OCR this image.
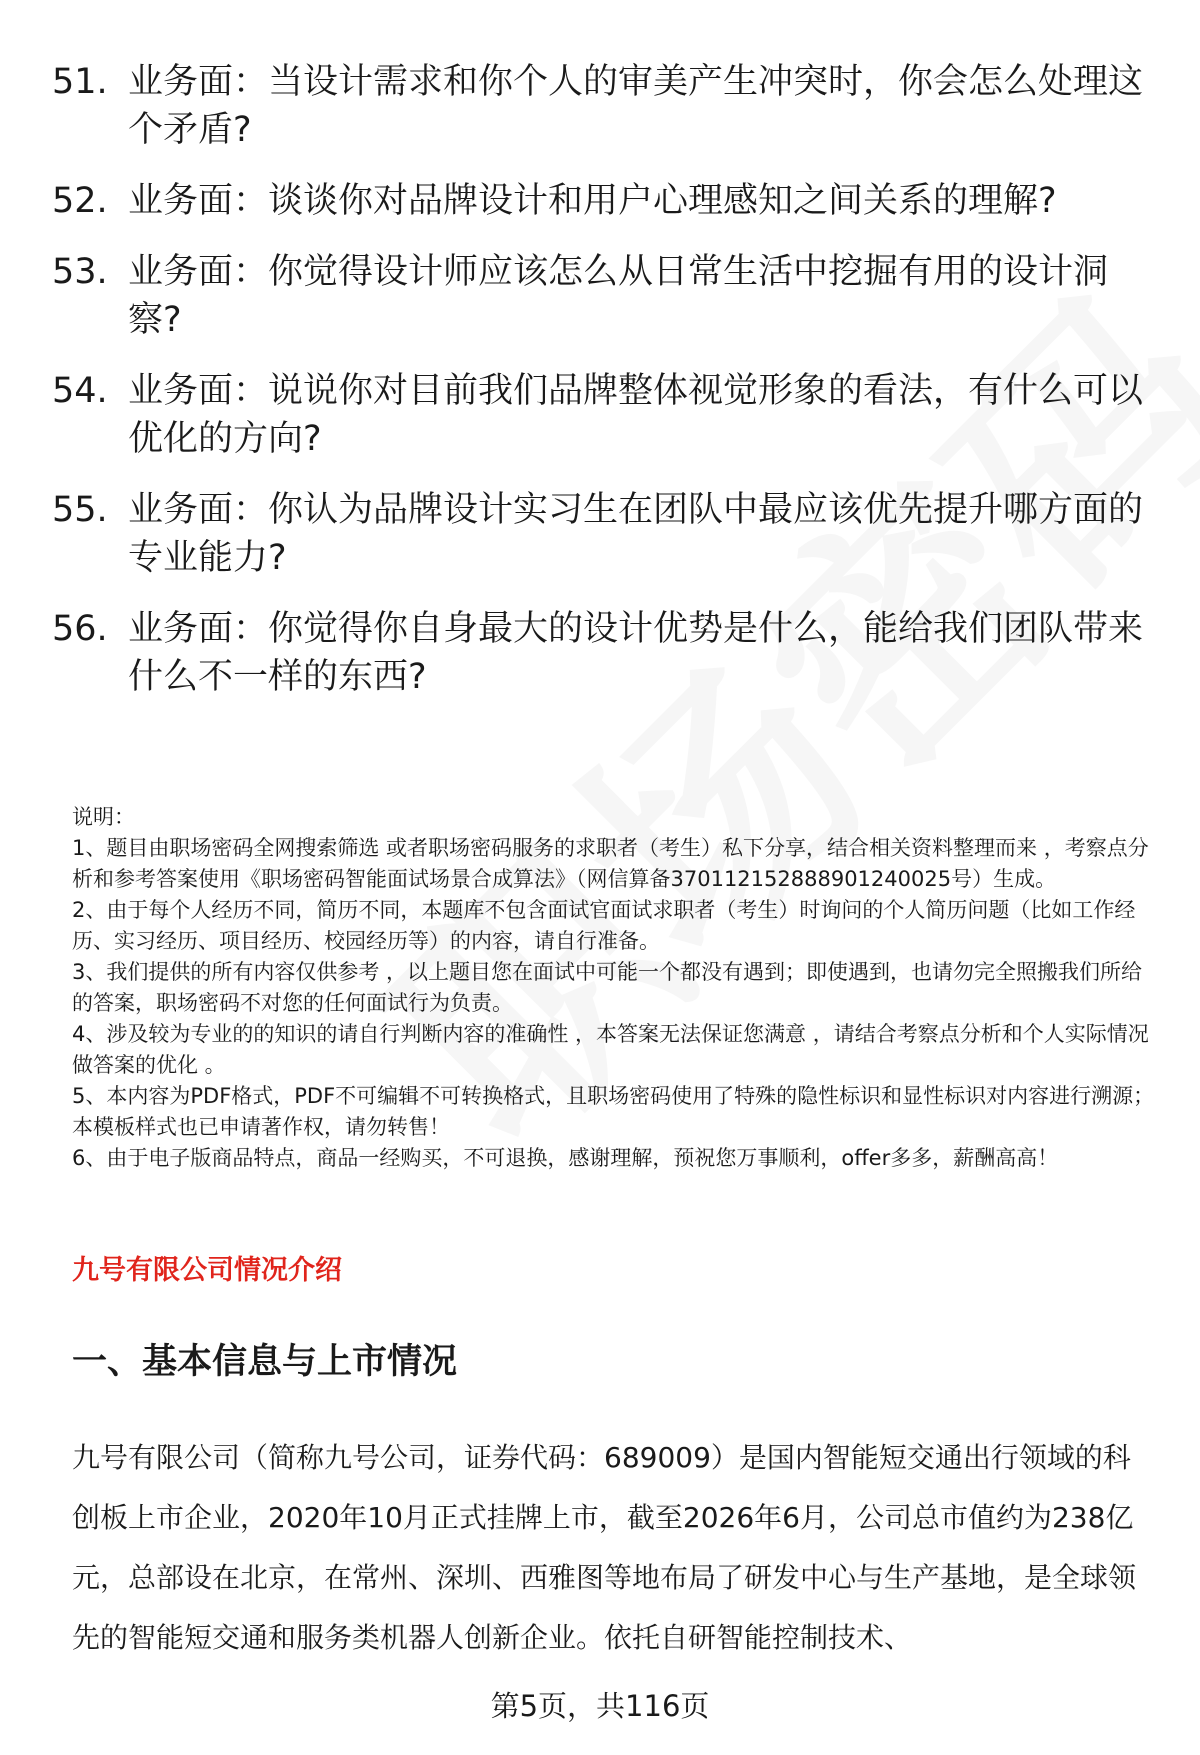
51. 业务面：当设计需求和你个人的审美产生冲突时，你会怎么处理这个矛盾?
52. 业务面：谈谈你对品牌设计和用户心理感知之间关系的理解?
53. 业务面：你觉得设计师应该怎么从日常生活中挖掘有用的设计洞察?
54. 业务面：说说你对目前我们品牌整体视觉形象的看法，有什么可以优化的方向?
55. 业务面：你认为品牌设计实习生在团队中最应该优先提升哪方面的专业能力?
56. 业务面：你觉得你自身最大的设计优势是什么，能给我们团队带来什么不一样的东西?

说明：

1、题目由职场密码全网搜索筛选 或者职场密码服务的求职者（考生）私下分享，结合相关资料整理而来 ，考察点分析和参考答案使用《职场密码智能面试场景合成算法》（网信算备370112152888901240025号）生成。

2、由于每个人经历不同，简历不同，本题库不包含面试官面试求职者（考生）时询问的个人简历问题（比如工作经历、实习经历、项目经历、校园经历等）的内容，请自行准备。

3、我们提供的所有内容仅供参考 ，以上题目您在面试中可能一个都没有遇到；即使遇到，也请勿完全照搬我们所给的答案，职场密码不对您的任何面试行为负责。

4、涉及较为专业的的知识的请自行判断内容的准确性 ，本答案无法保证您满意 ，请结合考察点分析和个人实际情况做答案的优化 。

5、本内容为PDF格式，PDF不可编辑不可转换格式，且职场密码使用了特殊的隐性标识和显性标识对内容进行溯源；本模板样式也已申请著作权，请勿转售！

6、由于电子版商品特点，商品一经购买，不可退换，感谢理解，预祝您万事顺利，offer多多，薪酬高高！

九号有限公司情况介绍
一、基本信息与上市情况
九号有限公司（简称九号公司，证券代码：689009）是国内智能短交通出行领域的科创板上市企业，2020年10月正式挂牌上市，截至2026年6月，公司总市值约为238亿元，总部设在北京，在常州、深圳、西雅图等地布局了研发中心与生产基地，是全球领先的智能短交通和服务类机器人创新企业。依托自研智能控制技术、
第5页，共116页
